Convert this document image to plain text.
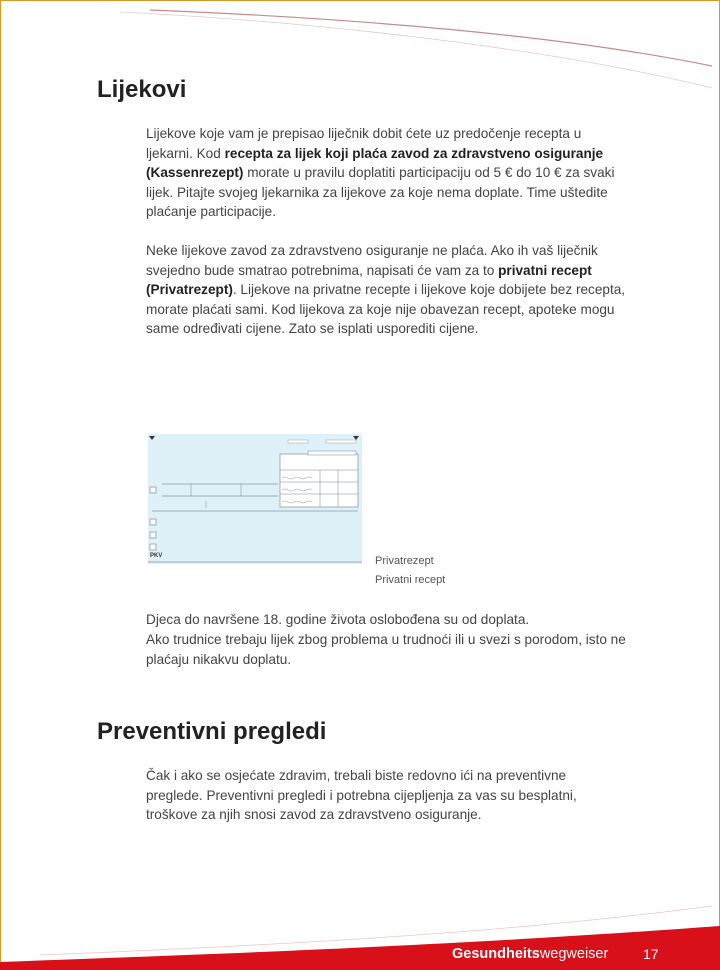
Lijekovi

Lijekove koje vam je prepisao liječnik dobit ćete uz predočenje recepta u ljekarni. Kod recepta za lijek koji plaća zavod za zdravstveno osiguranje (Kassenrezept) morate u pravilu doplatiti participaciju od 5 € do 10 € za svaki lijek. Pitajte svojeg ljekarnika za lijekove za koje nema doplate. Time uštedite plaćanje participacije.

Neke lijekove zavod za zdravstveno osiguranje ne plaća. Ako ih vaš liječnik svejedno bude smatrao potrebnima, napisati će vam za to privatni recept (Privatrezept). Lijekove na privatne recepte i lijekove koje dobijete bez recepta, morate plaćati sami. Kod lijekova za koje nije obavezan recept, apoteke mogu same određivati cijene. Zato se isplati usporediti cijene.

PKV	Privatrezept
Privatni recept

Djeca do navršene 18. godine života oslobođena su od doplata.

Ako trudnice trebaju lijek zbog problema u trudnoći ili u svezi s porodom, isto ne plaćaju nikakvu doplatu.

Preventivni pregledi

Čak i ako se osjećate zdravim, trebali biste redovno ići na preventivne preglede. Preventivni pregledi i potrebna cijepljenja za vas su besplatni, troškove za njih snosi zavod za zdravstveno osiguranje.

Gesundheitswegweiser 17
